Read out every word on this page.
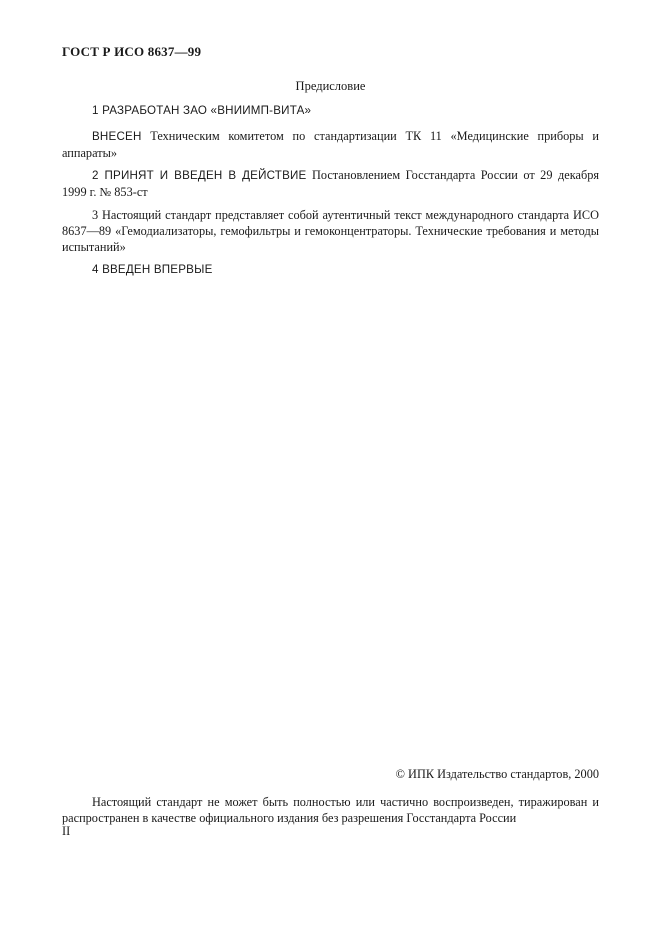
ГОСТ Р ИСО 8637—99
Предисловие

1 РАЗРАБОТАН ЗАО «ВНИИМП-ВИТА»

ВНЕСЕН Техническим комитетом по стандартизации ТК 11 «Медицинские приборы и аппараты»

2 ПРИНЯТ И ВВЕДЕН В ДЕЙСТВИЕ Постановлением Госстандарта России от 29 декабря 1999 г. № 853-ст

3 Настоящий стандарт представляет собой аутентичный текст международного стандарта ИСО 8637—89 «Гемодиализаторы, гемофильтры и гемоконцентраторы. Технические требования и методы испытаний»

4 ВВЕДЕН ВПЕРВЫЕ

© ИПК Издательство стандартов, 2000

Настоящий стандарт не может быть полностью или частично воспроизведен, тиражирован и распространен в качестве официального издания без разрешения Госстандарта России

II
